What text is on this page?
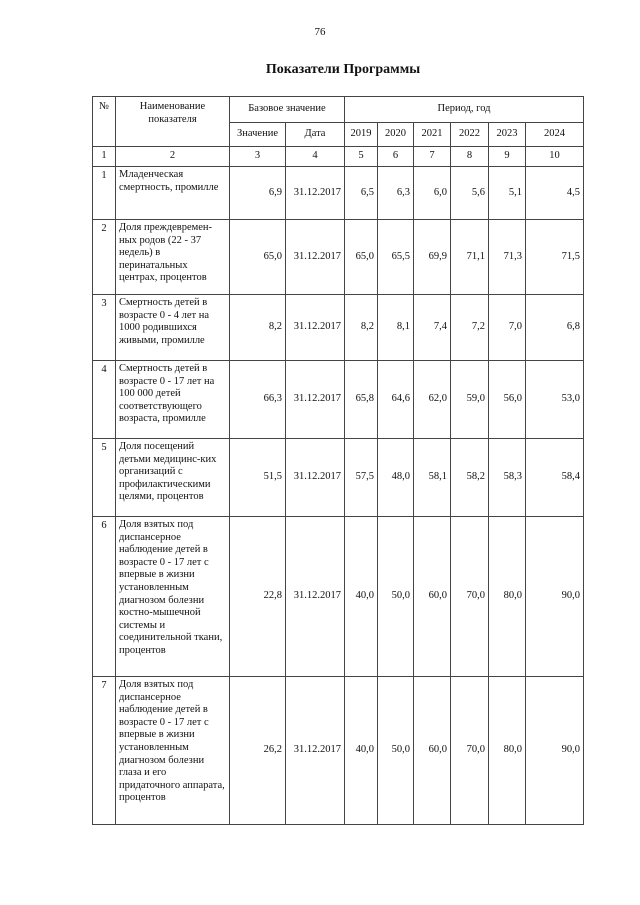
76
Показатели Программы
№	Наименование показателя	Базовое значение		Период, год					
		Значение	Дата	2019	2020	2021	2022	2023	2024
1	2	3	4	5	6	7	8	9	10
1	Младенческая смертность, промилле	6,9	31.12.2017	6,5	6,3	6,0	5,6	5,1	4,5
2	Доля преждевремен-ных родов (22 - 37 недель) в перинатальных центрах, процентов	65,0	31.12.2017	65,0	65,5	69,9	71,1	71,3	71,5
3	Смертность детей в возрасте 0 - 4 лет на 1000 родившихся живыми, промилле	8,2	31.12.2017	8,2	8,1	7,4	7,2	7,0	6,8
4	Смертность детей в возрасте 0 - 17 лет на 100 000 детей соответствующего возраста, промилле	66,3	31.12.2017	65,8	64,6	62,0	59,0	56,0	53,0
5	Доля посещений детьми медицинс-ких организаций с профилактическими целями, процентов	51,5	31.12.2017	57,5	48,0	58,1	58,2	58,3	58,4
6	Доля взятых под диспансерное наблюдение детей в возрасте 0 - 17 лет с впервые в жизни установленным диагнозом болезни костно-мышечной системы и соединительной ткани, процентов	22,8	31.12.2017	40,0	50,0	60,0	70,0	80,0	90,0
7	Доля взятых под диспансерное наблюдение детей в возрасте 0 - 17 лет с впервые в жизни установленным диагнозом болезни глаза и его придаточного аппарата, процентов	26,2	31.12.2017	40,0	50,0	60,0	70,0	80,0	90,0
